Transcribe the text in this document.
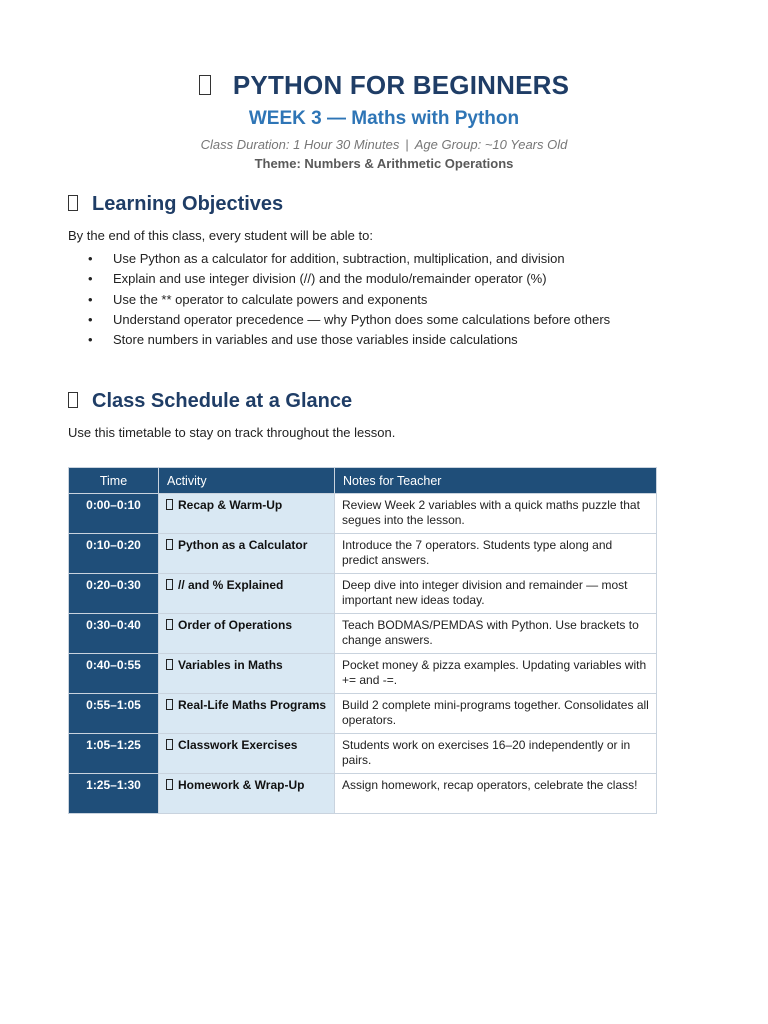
PYTHON FOR BEGINNERS
WEEK 3 — Maths with Python
Class Duration: 1 Hour 30 Minutes | Age Group: ~10 Years Old
Theme: Numbers & Arithmetic Operations
Learning Objectives
By the end of this class, every student will be able to:
• Use Python as a calculator for addition, subtraction, multiplication, and division
• Explain and use integer division (//) and the modulo/remainder operator (%)
• Use the ** operator to calculate powers and exponents
• Understand operator precedence — why Python does some calculations before others
• Store numbers in variables and use those variables inside calculations
Class Schedule at a Glance
Use this timetable to stay on track throughout the lesson.
Time	Activity	Notes for Teacher
0:00–0:10	Recap & Warm-Up	Review Week 2 variables with a quick maths puzzle that segues into the lesson.
0:10–0:20	Python as a Calculator	Introduce the 7 operators. Students type along and predict answers.
0:20–0:30	// and % Explained	Deep dive into integer division and remainder — most important new ideas today.
0:30–0:40	Order of Operations	Teach BODMAS/PEMDAS with Python. Use brackets to change answers.
0:40–0:55	Variables in Maths	Pocket money & pizza examples. Updating variables with += and -=.
0:55–1:05	Real-Life Maths Programs	Build 2 complete mini-programs together. Consolidates all operators.
1:05–1:25	Classwork Exercises	Students work on exercises 16–20 independently or in pairs.
1:25–1:30	Homework & Wrap-Up	Assign homework, recap operators, celebrate the class!
